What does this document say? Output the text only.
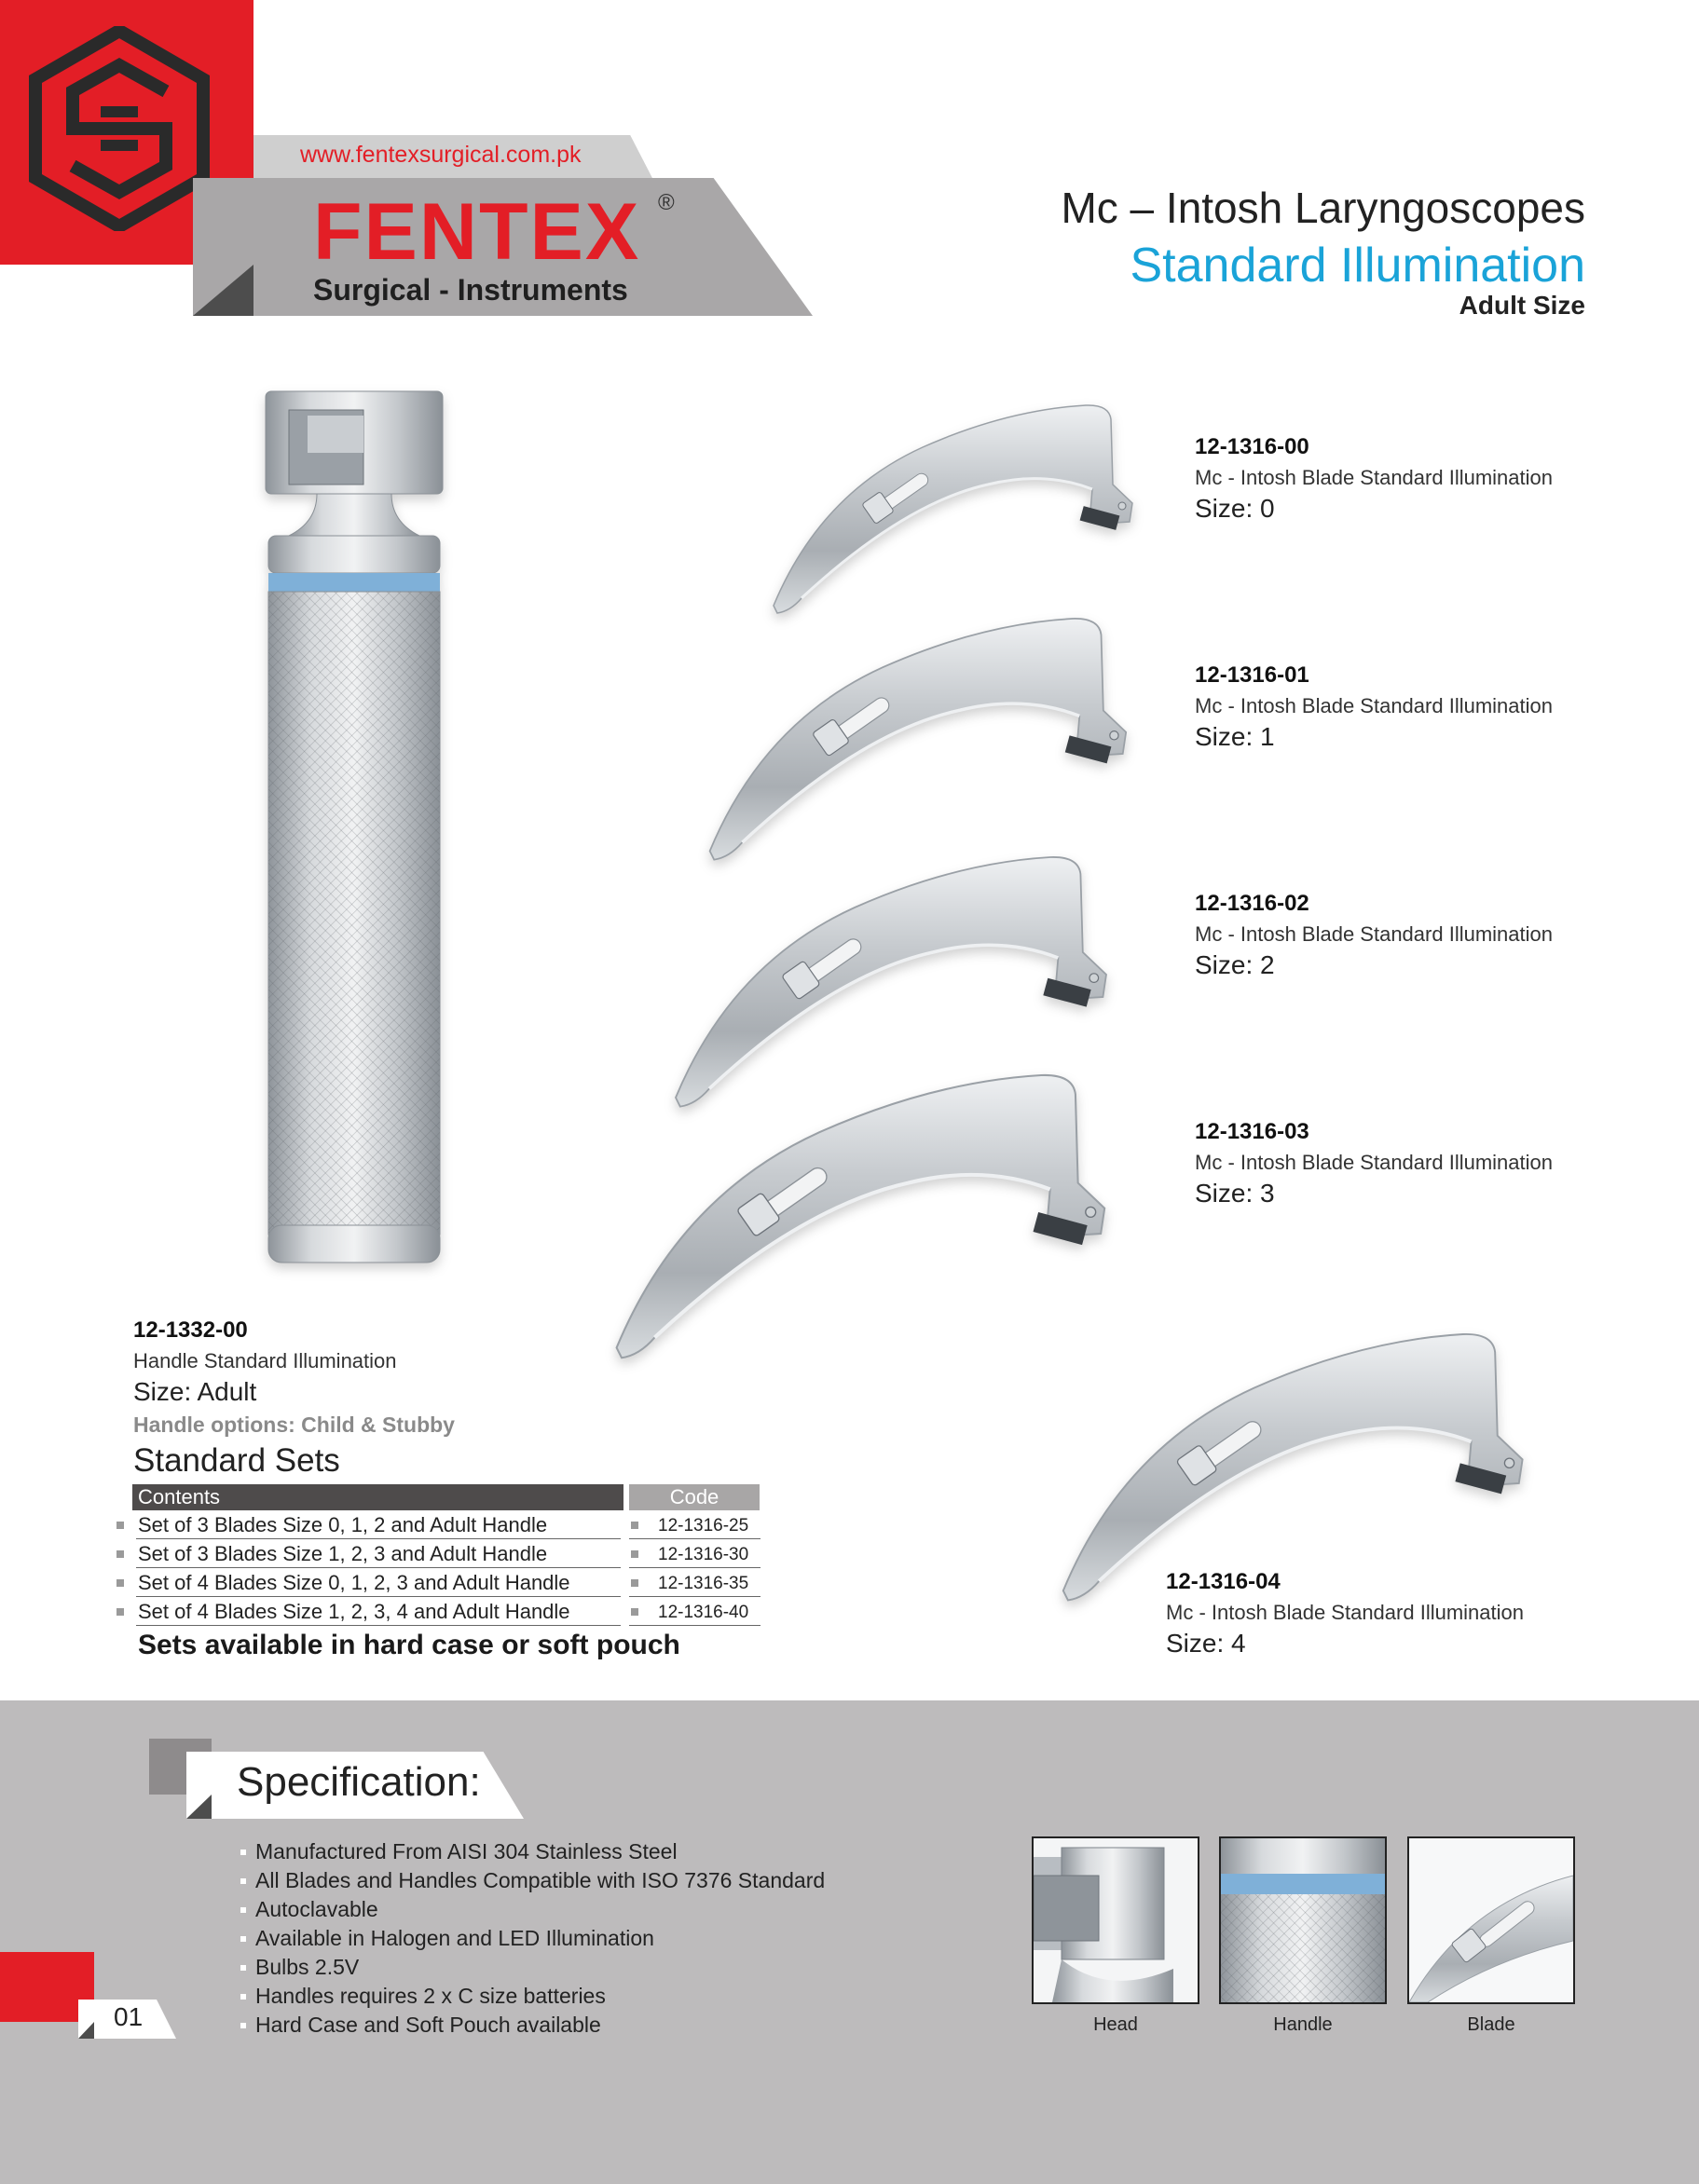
www.fentexsurgical.com.pk
FENTEX ®
Surgical - Instruments
Mc – Intosh Laryngoscopes
Standard Illumination
Adult Size
12-1316-00
Mc - Intosh Blade Standard Illumination
Size: 0
12-1316-01
Mc - Intosh Blade Standard Illumination
Size: 1
12-1316-02
Mc - Intosh Blade Standard Illumination
Size: 2
12-1316-03
Mc - Intosh Blade Standard Illumination
Size: 3
12-1316-04
Mc - Intosh Blade Standard Illumination
Size: 4
12-1332-00
Handle Standard Illumination
Size: Adult
Handle options: Child & Stubby
Standard Sets
Contents	Code
Set of 3 Blades Size 0, 1, 2 and Adult Handle	12-1316-25
Set of 3 Blades Size 1, 2, 3 and Adult Handle	12-1316-30
Set of 4 Blades Size 0, 1, 2, 3 and Adult Handle	12-1316-35
Set of 4 Blades Size 1, 2, 3, 4 and Adult Handle	12-1316-40
Sets available in hard case or soft pouch
Specification:
Manufactured From AISI 304 Stainless Steel
All Blades and Handles Compatible with ISO 7376 Standard
Autoclavable
Available in Halogen and LED Illumination
Bulbs 2.5V
Handles requires 2 x C size batteries
Hard Case and Soft Pouch available
01	Head	Handle	Blade
